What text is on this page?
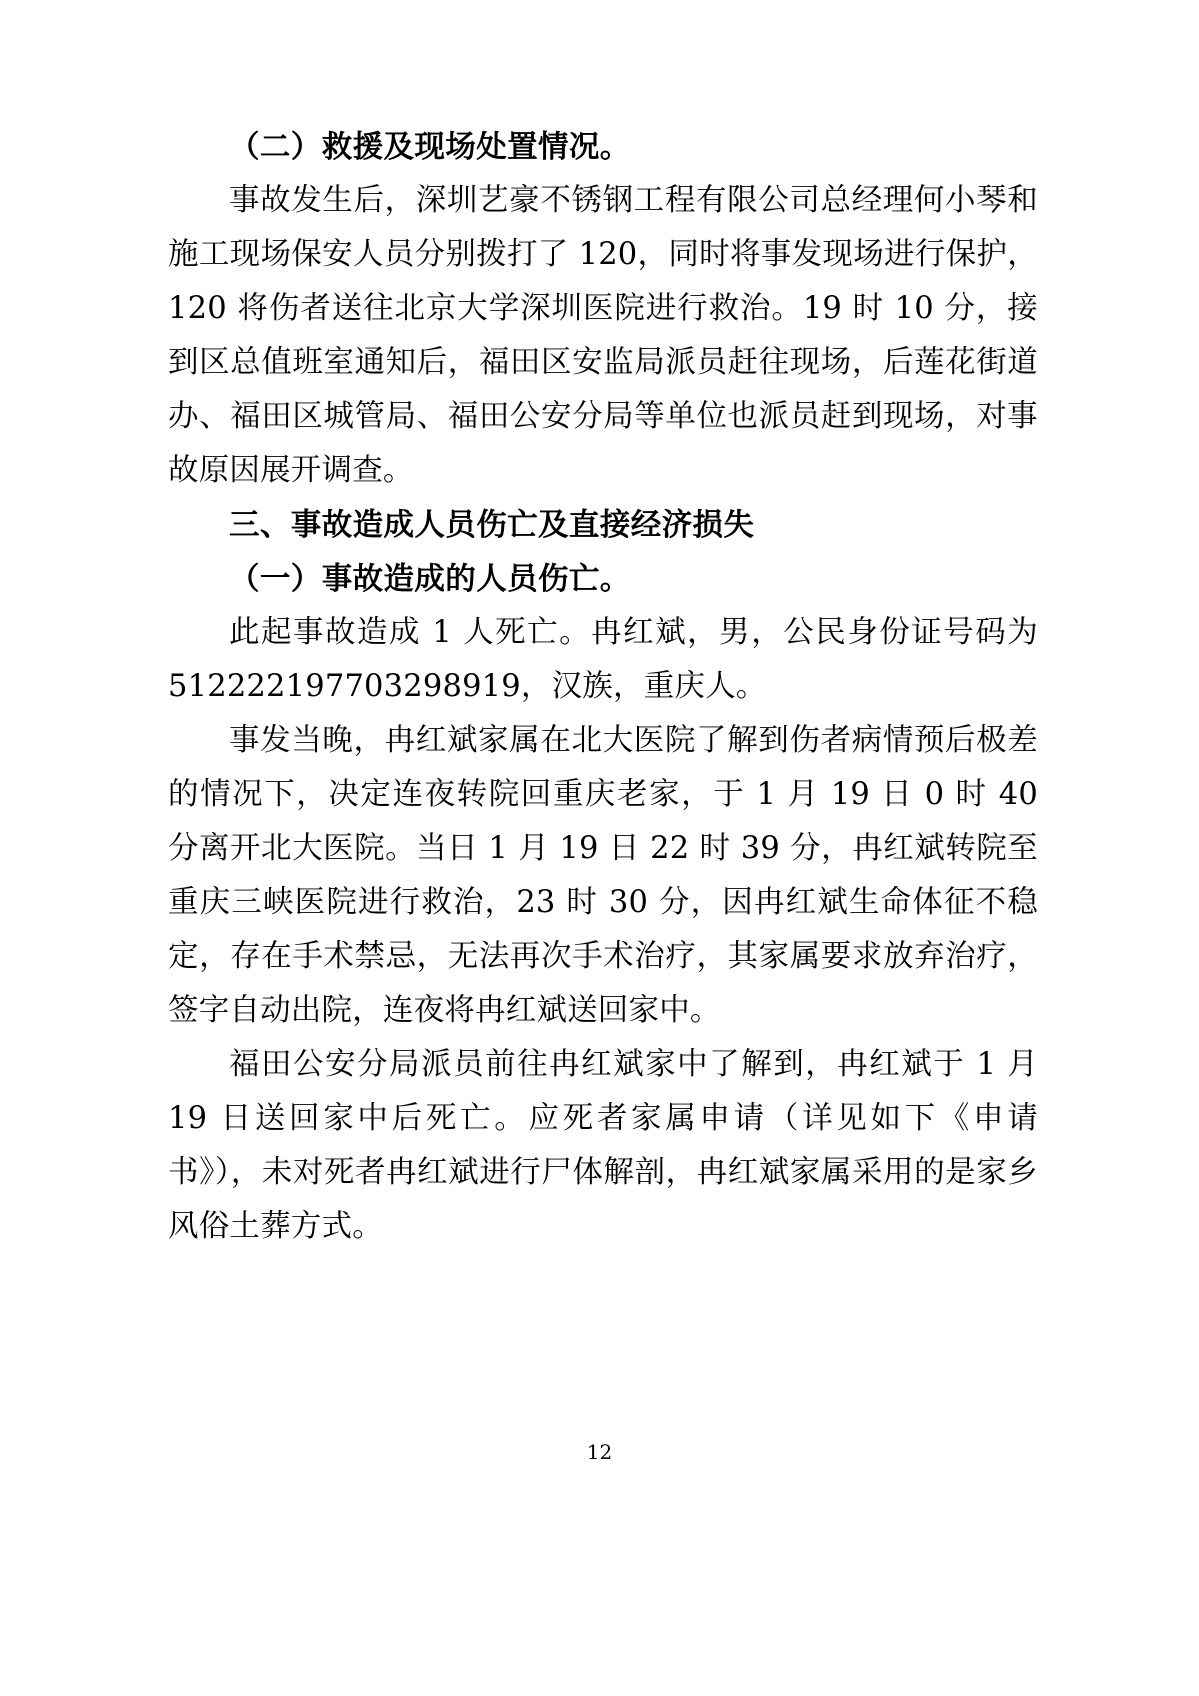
（二）救援及现场处置情况。
事故发生后，深圳艺豪不锈钢工程有限公司总经理何小琴和施工现场保安人员分别拨打了 120，同时将事发现场进行保护，120 将伤者送往北京大学深圳医院进行救治。19 时 10 分，接到区总值班室通知后，福田区安监局派员赶往现场，后莲花街道办、福田区城管局、福田公安分局等单位也派员赶到现场，对事故原因展开调查。
三、事故造成人员伤亡及直接经济损失
（一）事故造成的人员伤亡。
此起事故造成 1 人死亡。冉红斌，男，公民身份证号码为 512222197703298919，汉族，重庆人。
事发当晚，冉红斌家属在北大医院了解到伤者病情预后极差的情况下，决定连夜转院回重庆老家，于 1 月 19 日 0 时 40 分离开北大医院。当日 1 月 19 日 22 时 39 分，冉红斌转院至重庆三峡医院进行救治，23 时 30 分，因冉红斌生命体征不稳定，存在手术禁忌，无法再次手术治疗，其家属要求放弃治疗，签字自动出院，连夜将冉红斌送回家中。
福田公安分局派员前往冉红斌家中了解到，冉红斌于 1 月 19 日送回家中后死亡。应死者家属申请（详见如下《申请书》），未对死者冉红斌进行尸体解剖，冉红斌家属采用的是家乡风俗土葬方式。
12
